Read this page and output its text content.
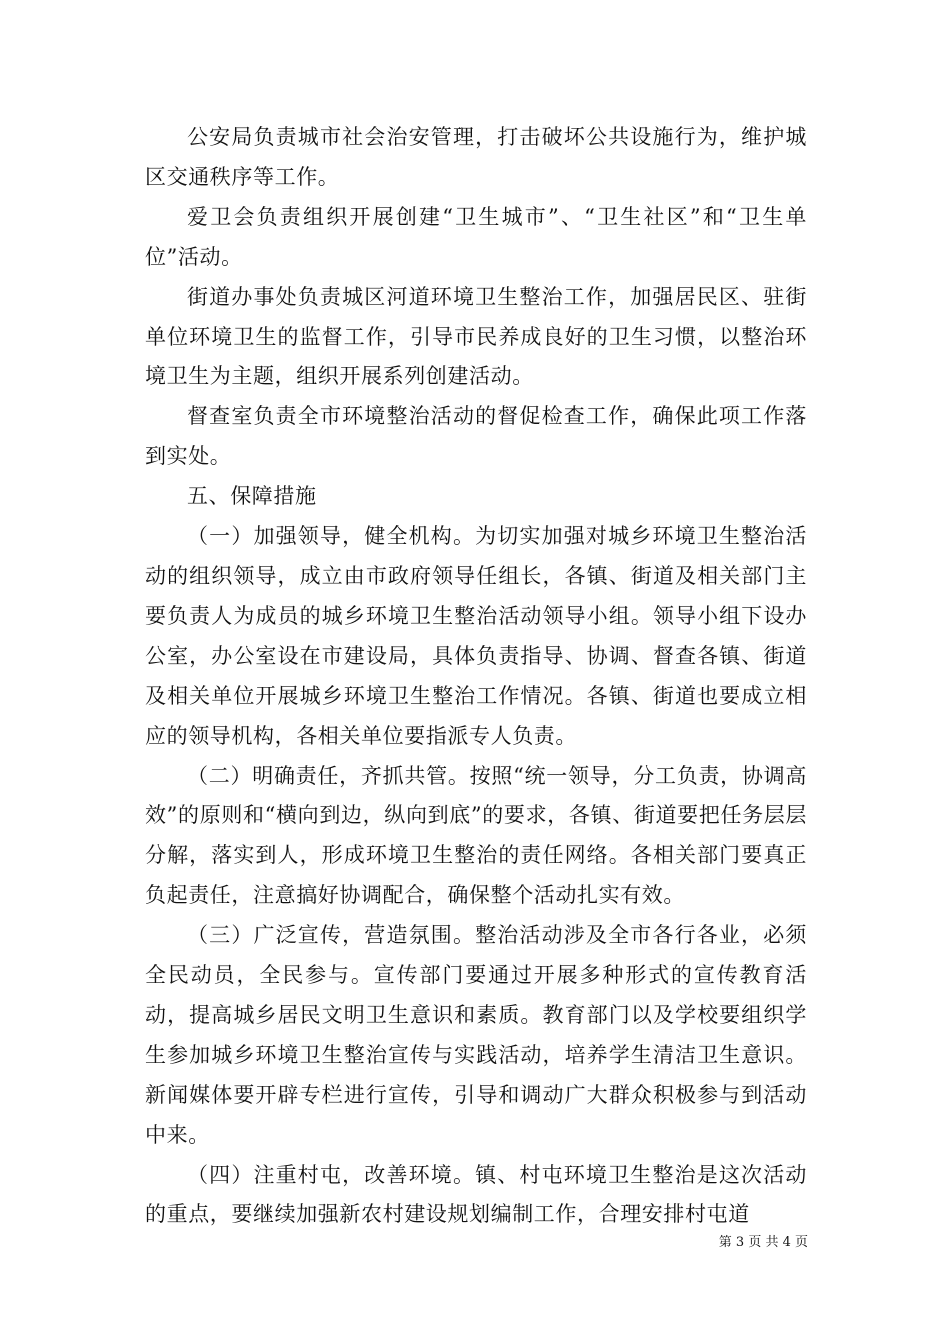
公安局负责城市社会治安管理，打击破坏公共设施行为，维护城区交通秩序等工作。

爱卫会负责组织开展创建“卫生城市”、“卫生社区”和“卫生单位”活动。

街道办事处负责城区河道环境卫生整治工作，加强居民区、驻街单位环境卫生的监督工作，引导市民养成良好的卫生习惯，以整治环境卫生为主题，组织开展系列创建活动。

督查室负责全市环境整治活动的督促检查工作，确保此项工作落到实处。

五、保障措施

（一）加强领导，健全机构。为切实加强对城乡环境卫生整治活动的组织领导，成立由市政府领导任组长，各镇、街道及相关部门主要负责人为成员的城乡环境卫生整治活动领导小组。领导小组下设办公室，办公室设在市建设局，具体负责指导、协调、督查各镇、街道及相关单位开展城乡环境卫生整治工作情况。各镇、街道也要成立相应的领导机构，各相关单位要指派专人负责。

（二）明确责任，齐抓共管。按照“统一领导，分工负责，协调高效”的原则和“横向到边，纵向到底”的要求，各镇、街道要把任务层层分解，落实到人，形成环境卫生整治的责任网络。各相关部门要真正负起责任，注意搞好协调配合，确保整个活动扎实有效。

（三）广泛宣传，营造氛围。整治活动涉及全市各行各业，必须全民动员，全民参与。宣传部门要通过开展多种形式的宣传教育活动，提高城乡居民文明卫生意识和素质。教育部门以及学校要组织学生参加城乡环境卫生整治宣传与实践活动，培养学生清洁卫生意识。新闻媒体要开辟专栏进行宣传，引导和调动广大群众积极参与到活动中来。

（四）注重村屯，改善环境。镇、村屯环境卫生整治是这次活动的重点，要继续加强新农村建设规划编制工作，合理安排村屯道

第 3 页 共 4 页
